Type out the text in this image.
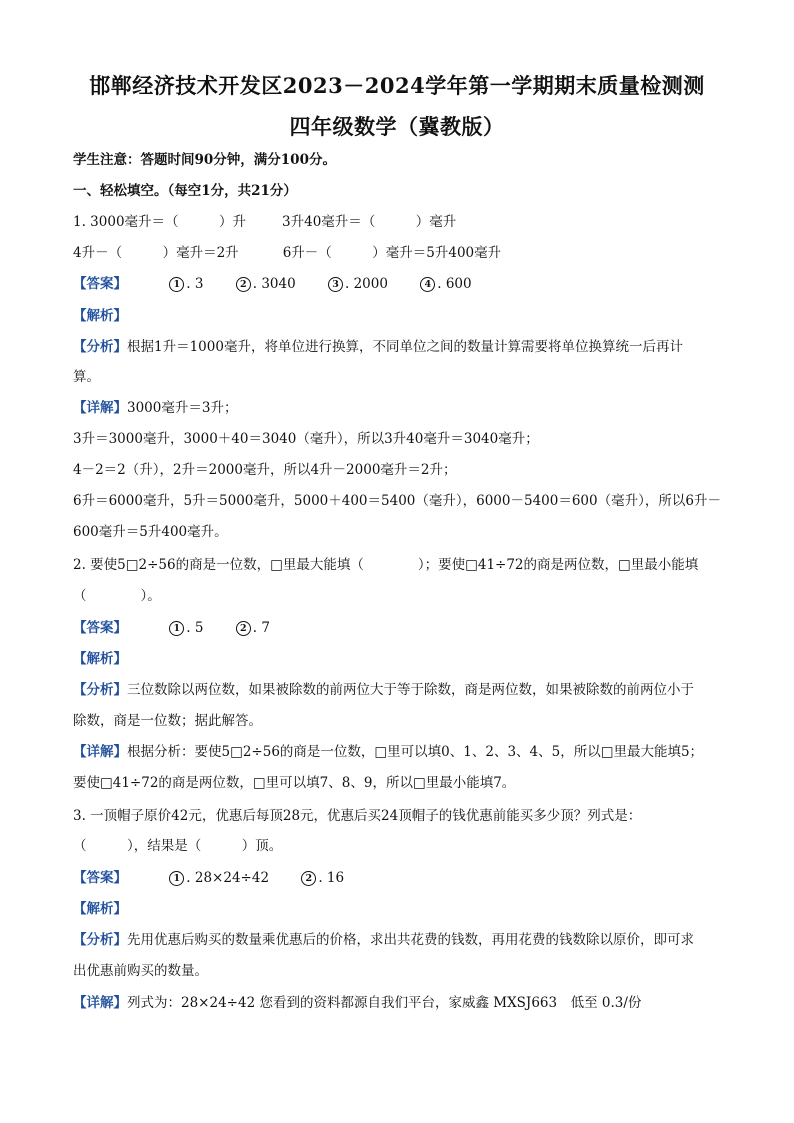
邯郸经济技术开发区2023－2024学年第一学期期末质量检测测
四年级数学（冀教版）
学生注意：答题时间90分钟，满分100分。
一、轻松填空。（每空1分，共21分）
1. 3000毫升＝（　　　）升	3升40毫升＝（　　　）毫升
4升－（　　　）毫升＝2升	6升－（　　　）毫升＝5升400毫升
【答案】	1 . 3	2 . 3040	3 . 2000	4 . 600
【解析】
【分析】根据1升＝1000毫升，将单位进行换算，不同单位之间的数量计算需要将单位换算统一后再计
算。
【详解】3000毫升＝3升；
3升＝3000毫升，3000＋40＝3040（毫升），所以3升40毫升＝3040毫升；
4－2＝2（升），2升＝2000毫升，所以4升－2000毫升＝2升；
6升＝6000毫升，5升＝5000毫升，5000＋400＝5400（毫升），6000－5400＝600（毫升），所以6升－
600毫升＝5升400毫升。
2. 要使5□2÷56的商是一位数，□里最大能填（　　　　）；要使□41÷72的商是两位数，□里最小能填
（　　　　）。
【答案】	1 . 5	2 . 7
【解析】
【分析】三位数除以两位数，如果被除数的前两位大于等于除数，商是两位数，如果被除数的前两位小于
除数，商是一位数；据此解答。
【详解】根据分析：要使5□2÷56的商是一位数，□里可以填0、1、2、3、4、5，所以□里最大能填5；
要使□41÷72的商是两位数，□里可以填7、8、9，所以□里最小能填7。
3. 一顶帽子原价42元，优惠后每顶28元，优惠后买24顶帽子的钱优惠前能买多少顶？列式是：
（　　　），结果是（　　　）顶。
【答案】	1 . 28×24÷42	2 . 16
【解析】
【分析】先用优惠后购买的数量乘优惠后的价格，求出共花费的钱数，再用花费的钱数除以原价，即可求
出优惠前购买的数量。
【详解】列式为：28×24÷42 您看到的资料都源自我们平台，家威鑫 MXSJ663　低至 0.3/份
